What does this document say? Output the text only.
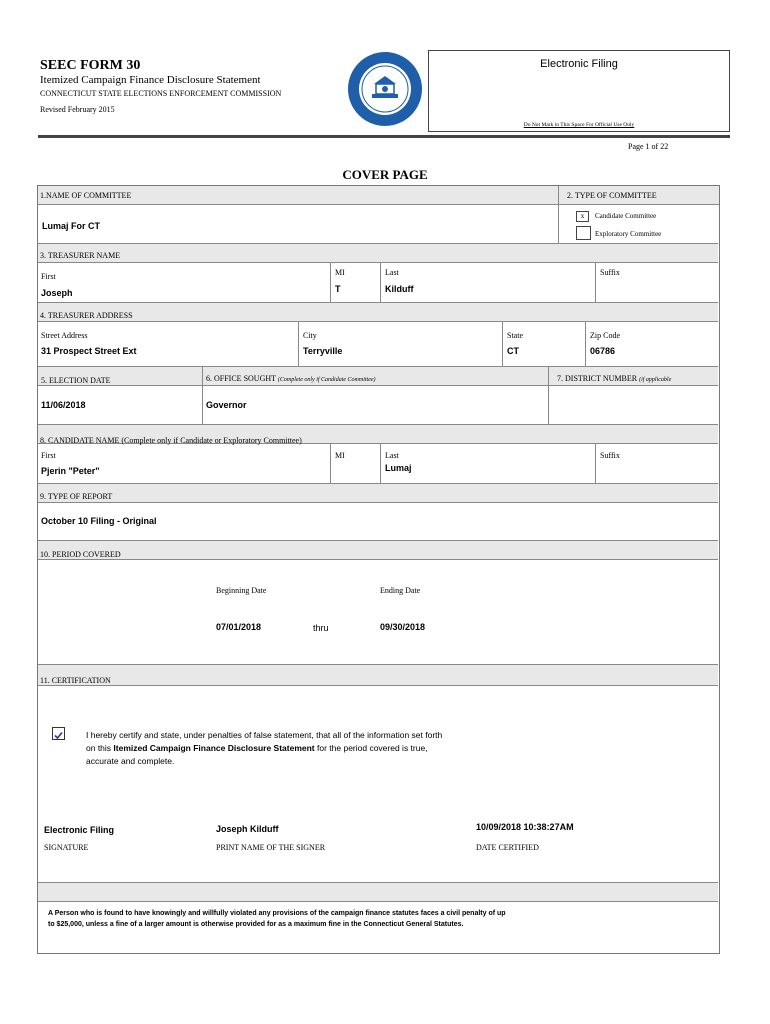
SEEC FORM 30
Itemized Campaign Finance Disclosure Statement
CONNECTICUT STATE ELECTIONS ENFORCEMENT COMMISSION
Revised February 2015
Electronic Filing
Do Not Mark in This Space For Official Use Only
Page 1 of 22
COVER PAGE
1.NAME OF COMMITTEE	2. TYPE OF COMMITTEE
Lumaj For CT
x	Candidate Committee
Exploratory Committee
3. TREASURER NAME
First
Joseph
MI
T
Last
Kilduff
Suffix
4. TREASURER ADDRESS
Street Address
31 Prospect Street Ext
City
Terryville
State
CT
Zip Code
06786
5. ELECTION DATE	6. OFFICE SOUGHT (Complete only if Candidate Committee)	7. DISTRICT NUMBER (if applicable
11/06/2018	Governor
8. CANDIDATE NAME (Complete only if Candidate or Exploratory Committee)
First
Pjerin "Peter"
MI	Last
Lumaj
Suffix
9. TYPE OF REPORT
October 10 Filing - Original
10. PERIOD COVERED
Beginning Date	Ending Date
07/01/2018	thru	09/30/2018
11. CERTIFICATION
I hereby certify and state, under penalties of false statement, that all of the information set forth
on this Itemized Campaign Finance Disclosure Statement for the period covered is true,
accurate and complete.
Electronic Filing
SIGNATURE
Joseph Kilduff
PRINT NAME OF THE SIGNER
10/09/2018 10:38:27AM
DATE CERTIFIED
A Person who is found to have knowingly and willfully violated any provisions of the campaign finance statutes faces a civil penalty of up
to $25,000, unless a fine of a larger amount is otherwise provided for as a maximum fine in the Connecticut General Statutes.
